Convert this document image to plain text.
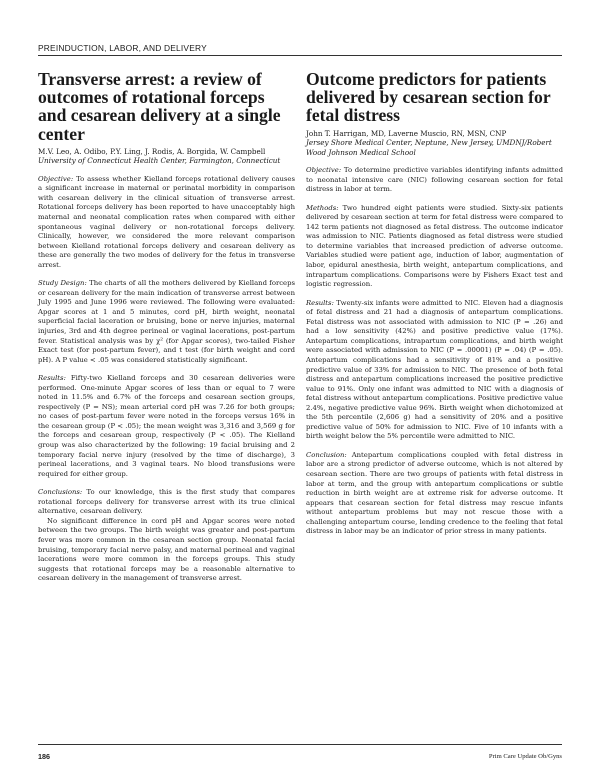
PREINDUCTION, LABOR, AND DELIVERY
Transverse arrest: a review of outcomes of rotational forceps and cesarean delivery at a single center
M.V. Leo, A. Odibo, P.Y. Ling, J. Rodis, A. Borgida, W. Campbell
University of Connecticut Health Center, Farmington, Connecticut

Objective: To assess whether Kielland forceps rotational delivery causes a significant increase in maternal or perinatal morbidity in comparison with cesarean delivery in the clinical situation of transverse arrest. Rotational forceps delivery has been reported to have unacceptably high maternal and neonatal complication rates when compared with either spontaneous vaginal delivery or non-rotational forceps delivery. Clinically, however, we considered the more relevant comparison between Kielland rotational forceps delivery and cesarean delivery as these are generally the two modes of delivery for the fetus in transverse arrest.

Study Design: The charts of all the mothers delivered by Kielland forceps or cesarean delivery for the main indication of transverse arrest between July 1995 and June 1996 were reviewed. The following were evaluated: Apgar scores at 1 and 5 minutes, cord pH, birth weight, neonatal superficial facial laceration or bruising, bone or nerve injuries, maternal injuries, 3rd and 4th degree perineal or vaginal lacerations, post-partum fever. Statistical analysis was by χ² (for Apgar scores), two-tailed Fisher Exact test (for post-partum fever), and t test (for birth weight and cord pH). A P value < .05 was considered statistically significant.

Results: Fifty-two Kielland forceps and 30 cesarean deliveries were performed. One-minute Apgar scores of less than or equal to 7 were noted in 11.5% and 6.7% of the forceps and cesarean section groups, respectively (P = NS); mean arterial cord pH was 7.26 for both groups; no cases of post-partum fever were noted in the forceps versus 16% in the cesarean group (P < .05); the mean weight was 3,316 and 3,569 g for the forceps and cesarean group, respectively (P < .05). The Kielland group was also characterized by the following: 19 facial bruising and 2 temporary facial nerve injury (resolved by the time of discharge), 3 perineal lacerations, and 3 vaginal tears. No blood transfusions were required for either group.

Conclusions: To our knowledge, this is the first study that compares rotational forceps delivery for transverse arrest with its true clinical alternative, cesarean delivery.

No significant difference in cord pH and Apgar scores were noted between the two groups. The birth weight was greater and post-partum fever was more common in the cesarean section group. Neonatal facial bruising, temporary facial nerve palsy, and maternal perineal and vaginal lacerations were more common in the forceps groups. This study suggests that rotational forceps may be a reasonable alternative to cesarean delivery in the management of transverse arrest.

Outcome predictors for patients delivered by cesarean section for fetal distress
John T. Harrigan, MD, Laverne Muscio, RN, MSN, CNP
Jersey Shore Medical Center, Neptune, New Jersey, UMDNJ/Robert Wood Johnson Medical School

Objective: To determine predictive variables identifying infants admitted to neonatal intensive care (NIC) following cesarean section for fetal distress in labor at term.

Methods: Two hundred eight patients were studied. Sixty-six patients delivered by cesarean section at term for fetal distress were compared to 142 term patients not diagnosed as fetal distress. The outcome indicator was admission to NIC. Patients diagnosed as fetal distress were studied to determine variables that increased prediction of adverse outcome. Variables studied were patient age, induction of labor, augmentation of labor, epidural anesthesia, birth weight, antepartum complications, and intrapartum complications. Comparisons were by Fishers Exact test and logistic regression.

Results: Twenty-six infants were admitted to NIC. Eleven had a diagnosis of fetal distress and 21 had a diagnosis of antepartum complications. Fetal distress was not associated with admission to NIC (P = .26) and had a low sensitivity (42%) and positive predictive value (17%). Antepartum complications, intrapartum complications, and birth weight were associated with admission to NIC (P = .00001) (P = .04) (P = .05). Antepartum complications had a sensitivity of 81% and a positive predictive value of 33% for admission to NIC. The presence of both fetal distress and antepartum complications increased the positive predictive value to 91%. Only one infant was admitted to NIC with a diagnosis of fetal distress without antepartum complications. Positive predictive value 2.4%, negative predictive value 96%. Birth weight when dichotomized at the 5th percentile (2,606 g) had a sensitivity of 20% and a positive predictive value of 50% for admission to NIC. Five of 10 infants with a birth weight below the 5% percentile were admitted to NIC.

Conclusion: Antepartum complications coupled with fetal distress in labor are a strong predictor of adverse outcome, which is not altered by cesarean section. There are two groups of patients with fetal distress in labor at term, and the group with antepartum complications or subtle reduction in birth weight are at extreme risk for adverse outcome. It appears that cesarean section for fetal distress may rescue infants without antepartum problems but may not rescue those with a challenging antepartum course, lending credence to the feeling that fetal distress in labor may be an indicator of prior stress in many patients.

186	Prim Care Update Ob/Gyns
